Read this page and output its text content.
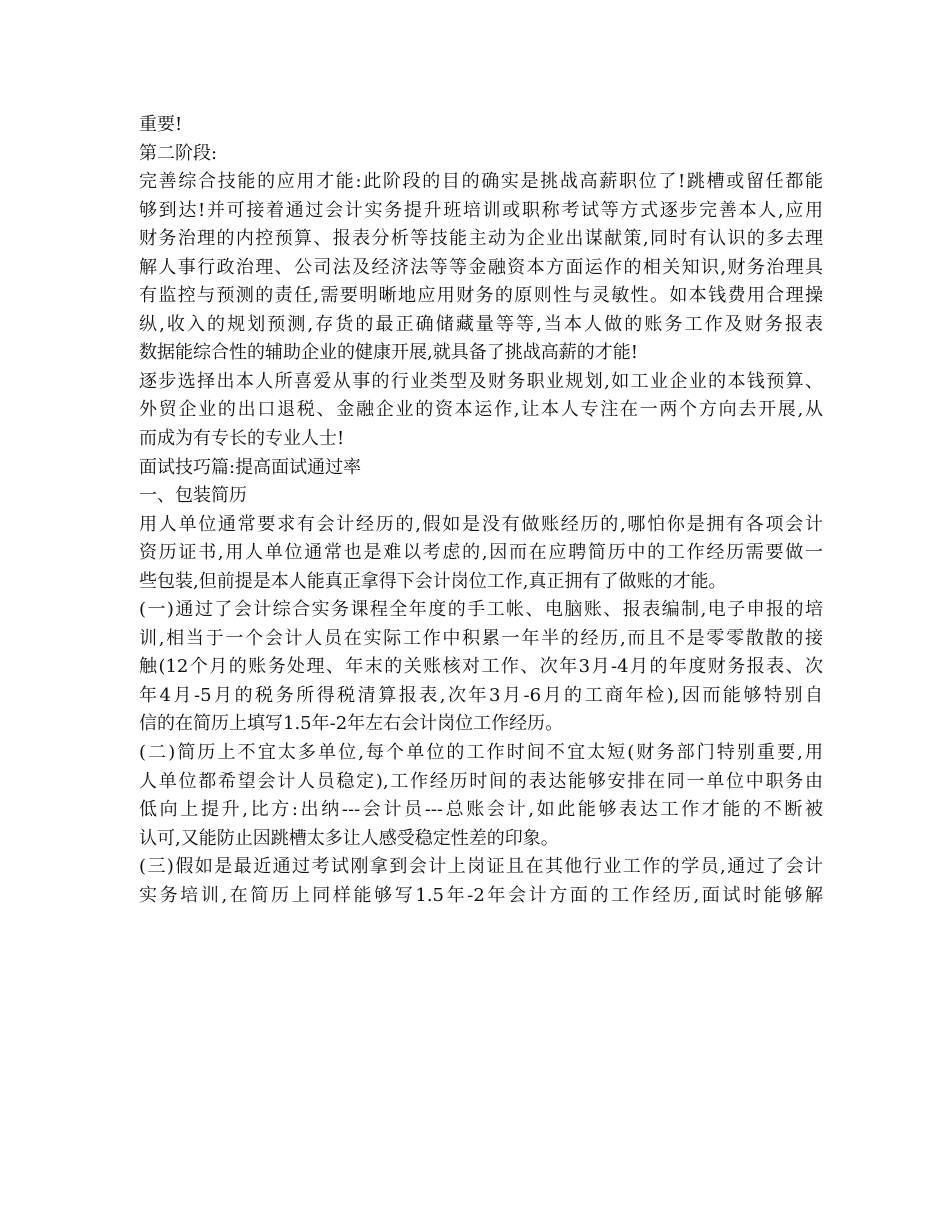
重要!
第二阶段:
完善综合技能的应用才能:此阶段的目的确实是挑战高薪职位了!跳槽或留任都能
够到达!并可接着通过会计实务提升班培训或职称考试等方式逐步完善本人,应用
财务治理的内控预算、报表分析等技能主动为企业出谋献策,同时有认识的多去理
解人事行政治理、公司法及经济法等等金融资本方面运作的相关知识,财务治理具
有监控与预测的责任,需要明晰地应用财务的原则性与灵敏性。如本钱费用合理操
纵,收入的规划预测,存货的最正确储藏量等等,当本人做的账务工作及财务报表
数据能综合性的辅助企业的健康开展,就具备了挑战高薪的才能!
逐步选择出本人所喜爱从事的行业类型及财务职业规划,如工业企业的本钱预算、
外贸企业的出口退税、金融企业的资本运作,让本人专注在一两个方向去开展,从
而成为有专长的专业人士!
面试技巧篇:提高面试通过率
一、包装简历
用人单位通常要求有会计经历的,假如是没有做账经历的,哪怕你是拥有各项会计
资历证书,用人单位通常也是难以考虑的,因而在应聘简历中的工作经历需要做一
些包装,但前提是本人能真正拿得下会计岗位工作,真正拥有了做账的才能。
(一)通过了会计综合实务课程全年度的手工帐、电脑账、报表编制,电子申报的培
训,相当于一个会计人员在实际工作中积累一年半的经历,而且不是零零散散的接
触(12个月的账务处理、年末的关账核对工作、次年3月-4月的年度财务报表、次
年4月-5月的税务所得税清算报表,次年3月-6月的工商年检),因而能够特别自
信的在简历上填写1.5年-2年左右会计岗位工作经历。
(二)简历上不宜太多单位,每个单位的工作时间不宜太短(财务部门特别重要,用
人单位都希望会计人员稳定),工作经历时间的表达能够安排在同一单位中职务由
低向上提升,比方:出纳---会计员---总账会计,如此能够表达工作才能的不断被
认可,又能防止因跳槽太多让人感受稳定性差的印象。
(三)假如是最近通过考试刚拿到会计上岗证且在其他行业工作的学员,通过了会计
实务培训,在简历上同样能够写1.5年-2年会计方面的工作经历,面试时能够解
